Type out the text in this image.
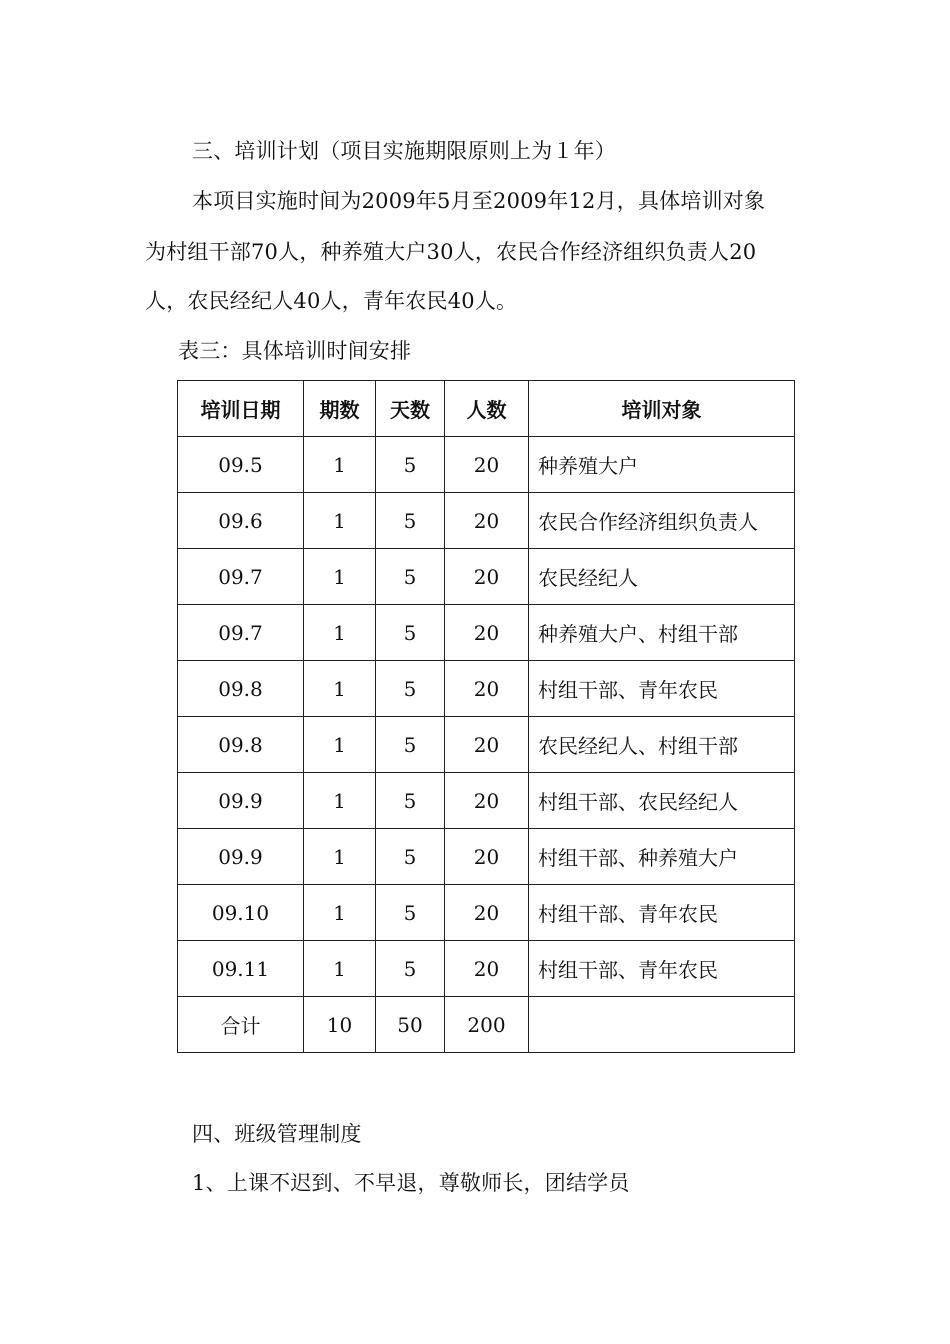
三、培训计划（项目实施期限原则上为１年）
本项目实施时间为2009年5月至2009年12月，具体培训对象
为村组干部70人，种养殖大户30人，农民合作经济组织负责人20
人，农民经纪人40人，青年农民40人。
表三：具体培训时间安排
培训日期	期数	天数	人数	培训对象
09.5	1	5	20	种养殖大户
09.6	1	5	20	农民合作经济组织负责人
09.7	1	5	20	农民经纪人
09.7	1	5	20	种养殖大户、村组干部
09.8	1	5	20	村组干部、青年农民
09.8	1	5	20	农民经纪人、村组干部
09.9	1	5	20	村组干部、农民经纪人
09.9	1	5	20	村组干部、种养殖大户
09.10	1	5	20	村组干部、青年农民
09.11	1	5	20	村组干部、青年农民
合计	10	50	200	
四、班级管理制度
1、上课不迟到、不早退，尊敬师长，团结学员
